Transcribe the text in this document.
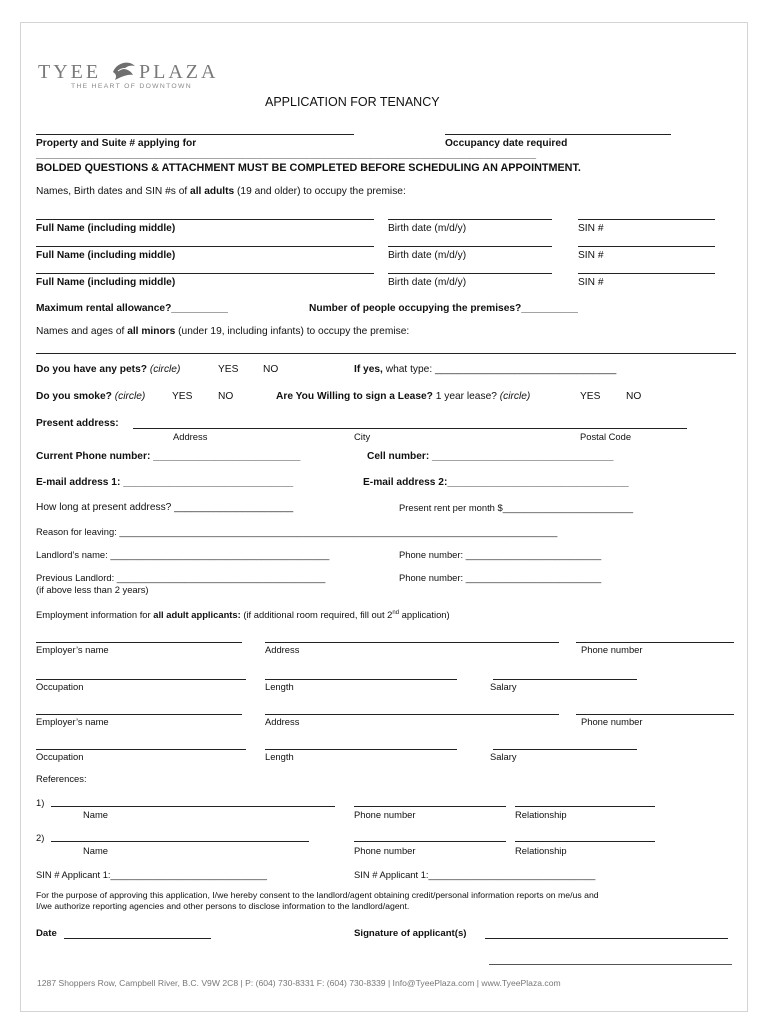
TYEE PLAZA
THE HEART OF DOWNTOWN
APPLICATION FOR TENANCY
Property and Suite # applying for	Occupancy date required
______________________________________________________________________________________
BOLDED QUESTIONS & ATTACHMENT MUST BE COMPLETED BEFORE SCHEDULING AN APPOINTMENT.
Names, Birth dates and SIN #s of all adults (19 and older) to occupy the premise:
Full Name (including middle)	Birth date (m/d/y)	SIN #
Full Name (including middle)	Birth date (m/d/y)	SIN #
Full Name (including middle)	Birth date (m/d/y)	SIN #
Maximum rental allowance?__________	Number of people occupying the premises?__________
Names and ages of all minors (under 19, including infants) to occupy the premise:
Do you have any pets? (circle)	YES NO	If yes, what type: ________________________________
Do you smoke? (circle)	YES	NO	Are You Willing to sign a Lease? 1 year lease? (circle)	YES	NO
Present address:
Address	City	Postal Code
Current Phone number: __________________________	Cell number: ________________________________
E-mail address 1: ______________________________	E-mail address 2:________________________________
How long at present address? _____________________	Present rent per month $_________________________
Reason for leaving: ____________________________________________________________________________________
Landlord’s name: __________________________________________	Phone number: __________________________
Previous Landlord: ________________________________________	Phone number: __________________________
(if above less than 2 years)
Employment information for all adult applicants: (if additional room required, fill out 2nd application)
Employer’s name	Address	Phone number
Occupation	Length	Salary
Employer’s name	Address	Phone number
Occupation	Length	Salary
References:
1)
Name	Phone number	Relationship
2)
Name	Phone number	Relationship
SIN # Applicant 1:______________________________	SIN # Applicant 1:________________________________
For the purpose of approving this application, I/we hereby consent to the landlord/agent obtaining credit/personal information reports on me/us and
I/we authorize reporting agencies and other persons to disclose information to the landlord/agent.
Date	Signature of applicant(s)
1287 Shoppers Row, Campbell River, B.C. V9W 2C8 | P: (604) 730-8331 F: (604) 730-8339 | Info@TyeePlaza.com | www.TyeePlaza.com
